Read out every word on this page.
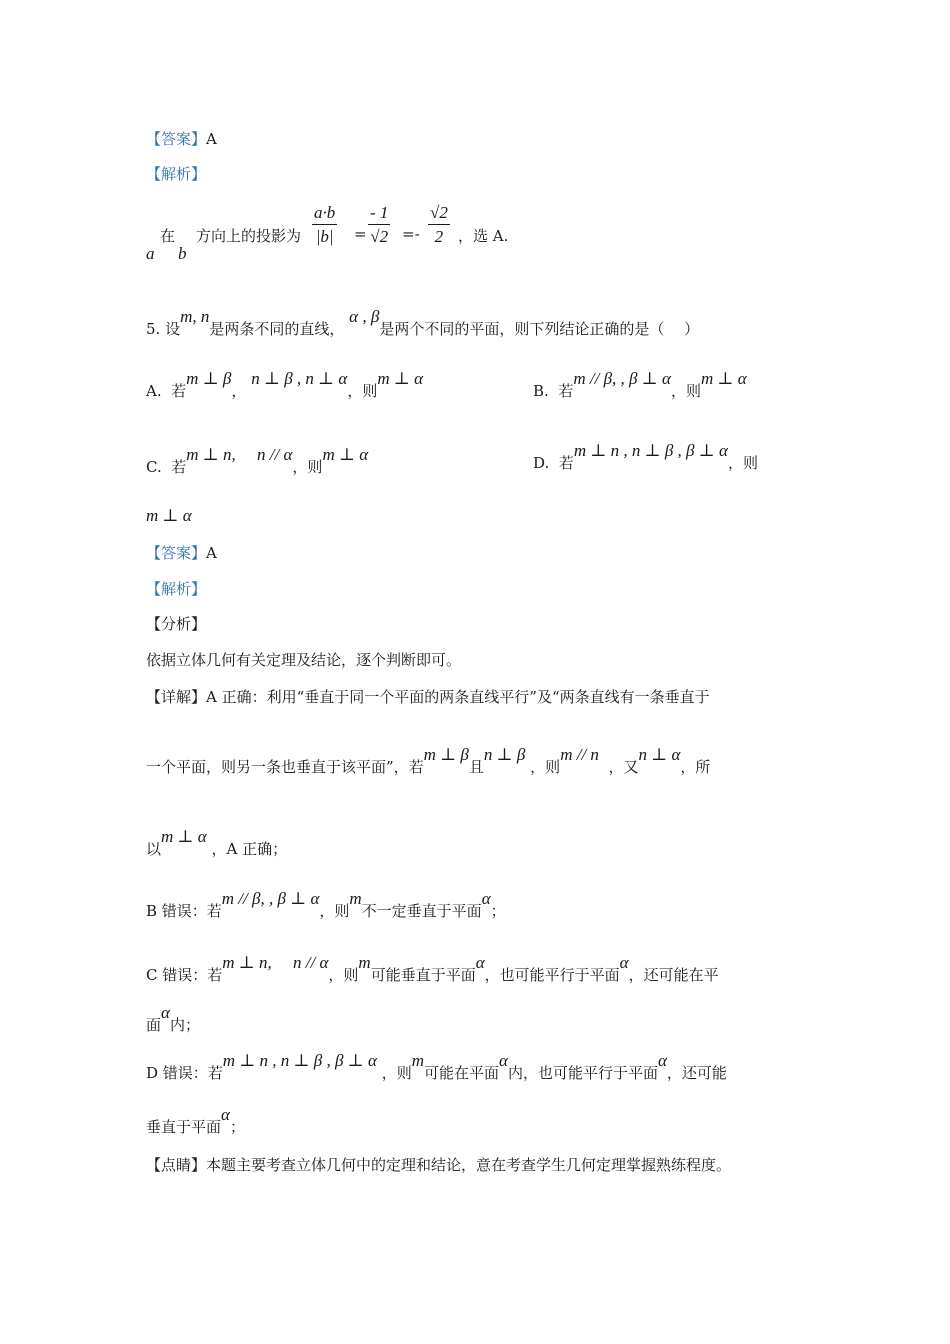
【答案】A
【解析】
a
在
b
方向上的投影为 $\frac{a\cdot b}{|b|} = \frac{- 1}{√2} =- \frac{√2}{2}$ ，选 A.
5. 设m, n是两条不同的直线， α , β是两个不同的平面，则下列结论正确的是（　 ）
A. 若m ⊥ β， n ⊥ β , n ⊥ α，则m ⊥ α
B. 若m // β, , β ⊥ α，则m ⊥ α
C. 若m ⊥ n,　 n // α，则m ⊥ α	D. 若m ⊥ n , n ⊥ β , β ⊥ α，则
m ⊥ α
【答案】A
【解析】
【分析】
依据立体几何有关定理及结论，逐个判断即可。
【详解】A 正确：利用“垂直于同一个平面的两条直线平行”及“两条直线有一条垂直于
一个平面，则另一条也垂直于该平面”，若m ⊥ β且n ⊥ β ，则m // n  ，又n ⊥ α，所
以m ⊥ α ，A 正确；
B 错误：若m // β, , β ⊥ α，则m不一定垂直于平面α；
C 错误：若m ⊥ n,　 n // α，则m可能垂直于平面α，也可能平行于平面α，还可能在平
面α内；
D 错误：若m ⊥ n , n ⊥ β , β ⊥ α ，则m可能在平面α内，也可能平行于平面α，还可能
垂直于平面α；
【点睛】本题主要考查立体几何中的定理和结论，意在考查学生几何定理掌握熟练程度。
